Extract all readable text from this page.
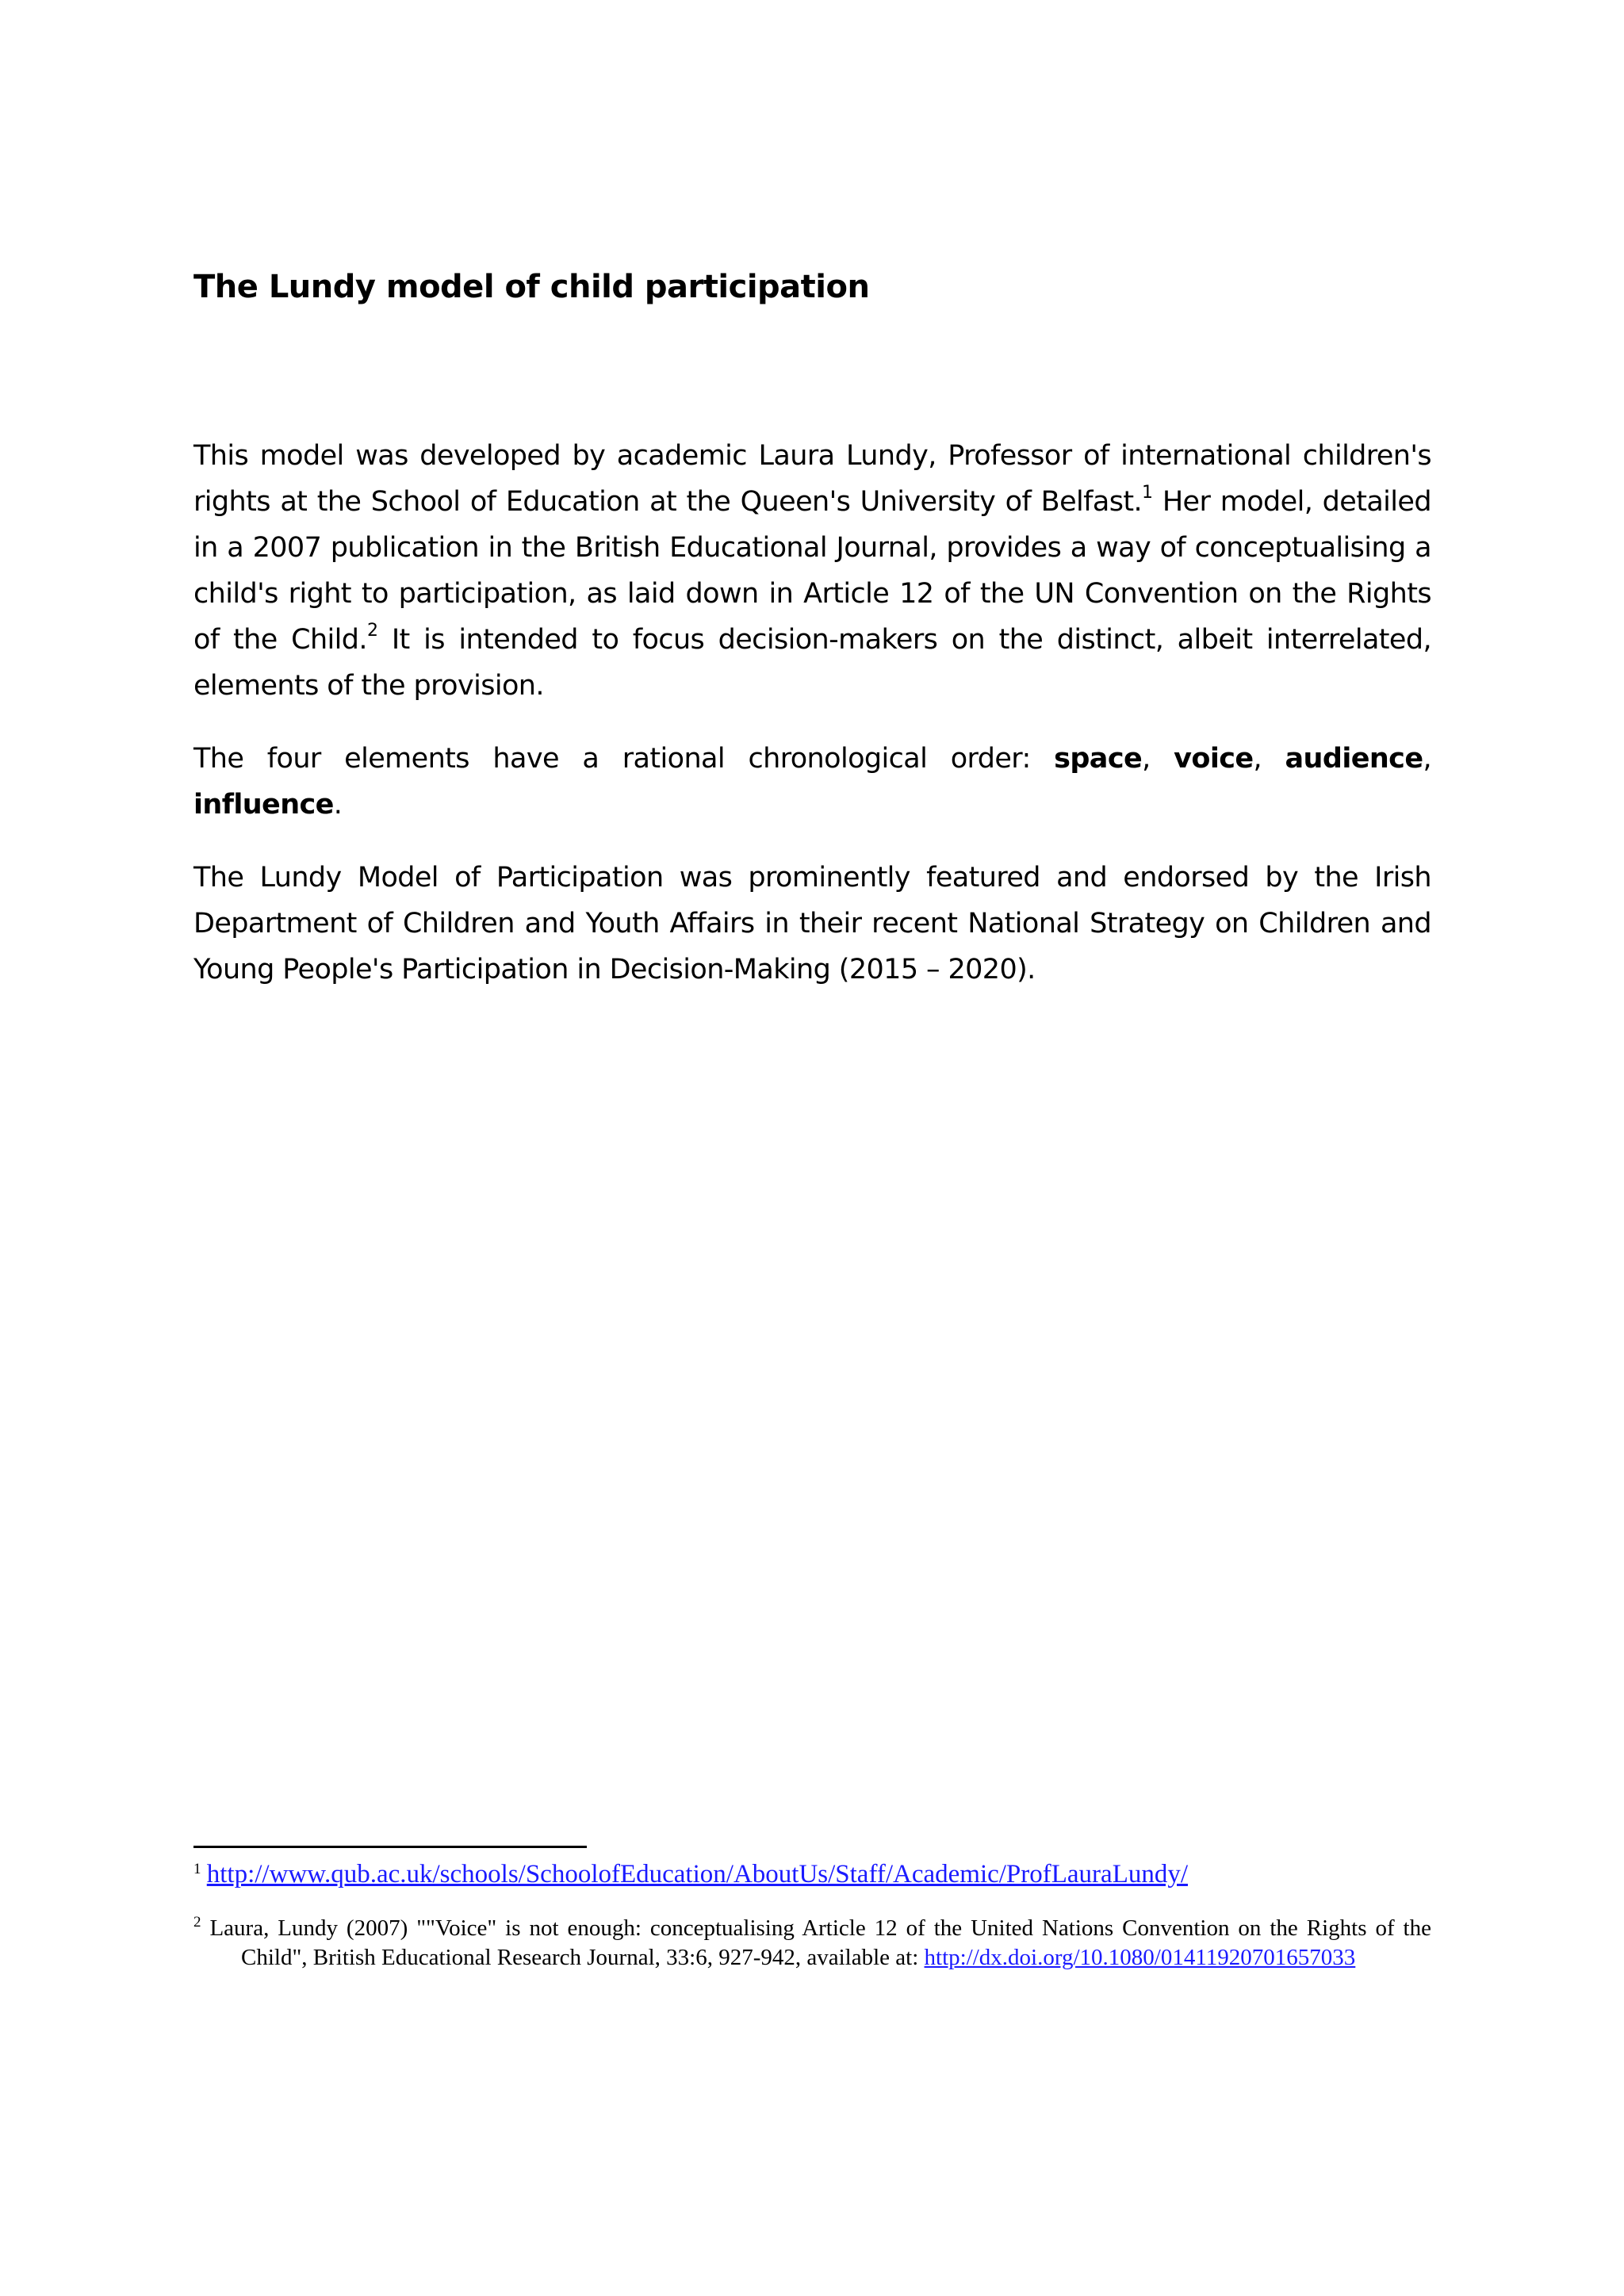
The Lundy model of child participation

This model was developed by academic Laura Lundy, Professor of international children's rights at the School of Education at the Queen's University of Belfast.$^1$ Her model, detailed in a 2007 publication in the British Educational Journal, provides a way of conceptualising a child's right to participation, as laid down in Article 12 of the UN Convention on the Rights of the Child.$^2$ It is intended to focus decision-makers on the distinct, albeit interrelated, elements of the provision.

The four elements have a rational chronological order: space, voice, audience, influence.

The Lundy Model of Participation was prominently featured and endorsed by the Irish Department of Children and Youth Affairs in their recent National Strategy on Children and Young People's Participation in Decision-Making (2015 – 2020).

$^1$ http://www.qub.ac.uk/schools/SchoolofEducation/AboutUs/Staff/Academic/ProfLauraLundy/

$^2$ Laura, Lundy (2007) ""Voice" is not enough: conceptualising Article 12 of the United Nations Convention on the Rights of the Child", British Educational Research Journal, 33:6, 927-942, available at: http://dx.doi.org/10.1080/01411920701657033
